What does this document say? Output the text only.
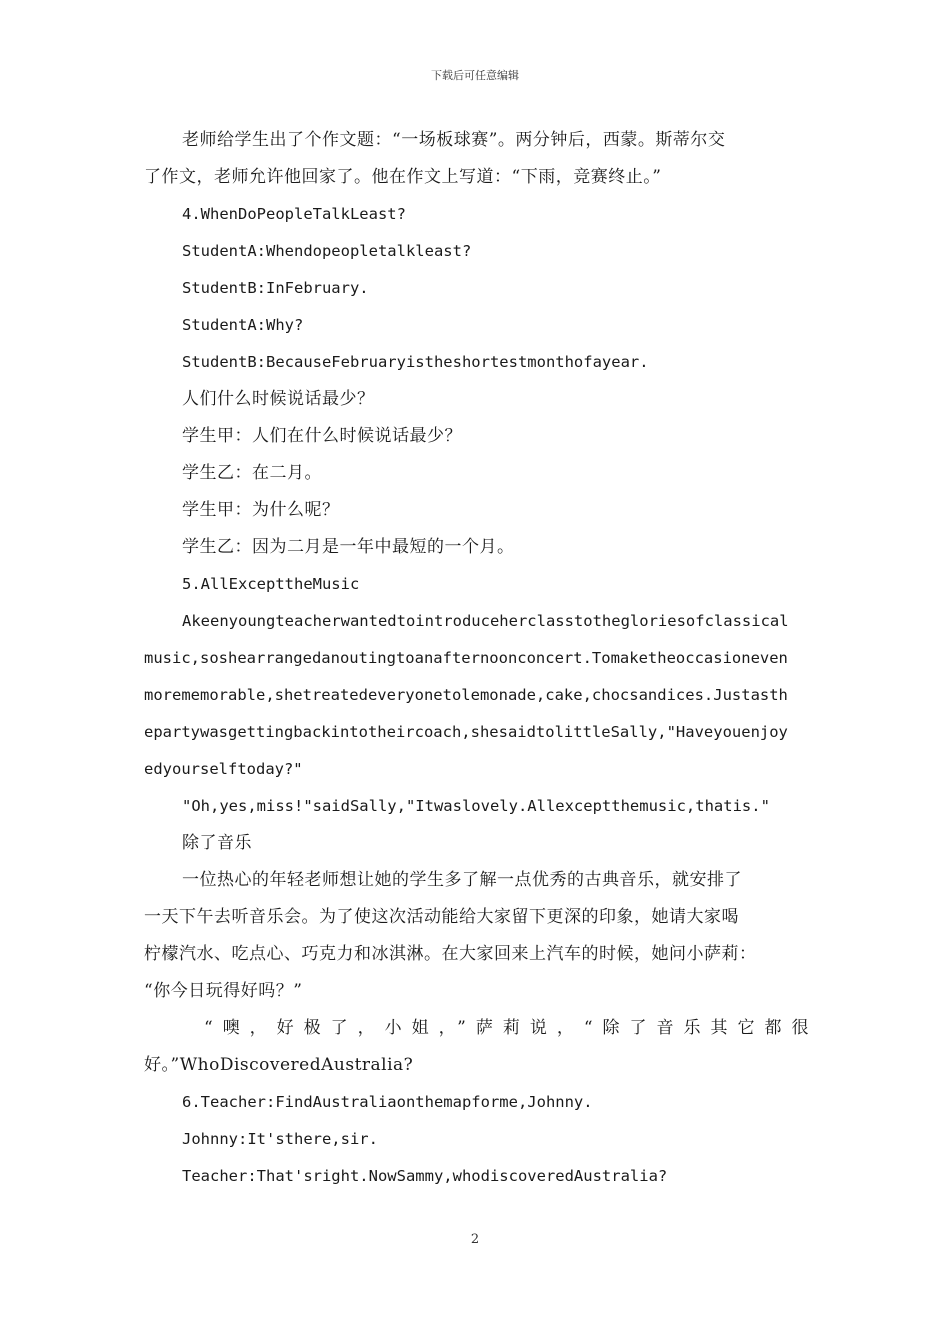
下载后可任意编辑
老师给学生出了个作文题：“一场板球赛”。两分钟后，西蒙。斯蒂尔交
了作文，老师允许他回家了。他在作文上写道：“下雨，竞赛终止。”
4.WhenDoPeopleTalkLeast?
StudentA:Whendopeopletalkleast?
StudentB:InFebruary.
StudentA:Why?
StudentB:BecauseFebruaryistheshortestmonthofayear.
人们什么时候说话最少？
学生甲：人们在什么时候说话最少？
学生乙：在二月。
学生甲：为什么呢？
学生乙：因为二月是一年中最短的一个月。
5.AllExcepttheMusic
Akeenyoungteacherwantedtointroduceherclasstothegloriesofclassical
music,soshearrangedanoutingtoanafternoonconcert.Tomaketheoccasioneven
morememorable,shetreatedeveryonetolemonade,cake,chocsandices.Justasth
epartywasgettingbackintotheircoach,shesaidtolittleSally,"Haveyouenjoy
edyourselftoday?"
"Oh,yes,miss!"saidSally,"Itwaslovely.Allexceptthemusic,thatis."
除了音乐
一位热心的年轻老师想让她的学生多了解一点优秀的古典音乐，就安排了
一天下午去听音乐会。为了使这次活动能给大家留下更深的印象，她请大家喝
柠檬汽水、吃点心、巧克力和冰淇淋。在大家回来上汽车的时候，她问小萨莉：
“你今日玩得好吗？”
“噢，好极了，小姐，”萨莉说，“除了音乐其它都很
好。”WhoDiscoveredAustralia?
6.Teacher:FindAustraliaonthemapforme,Johnny.
Johnny:It'sthere,sir.
Teacher:That'sright.NowSammy,whodiscoveredAustralia?
2
